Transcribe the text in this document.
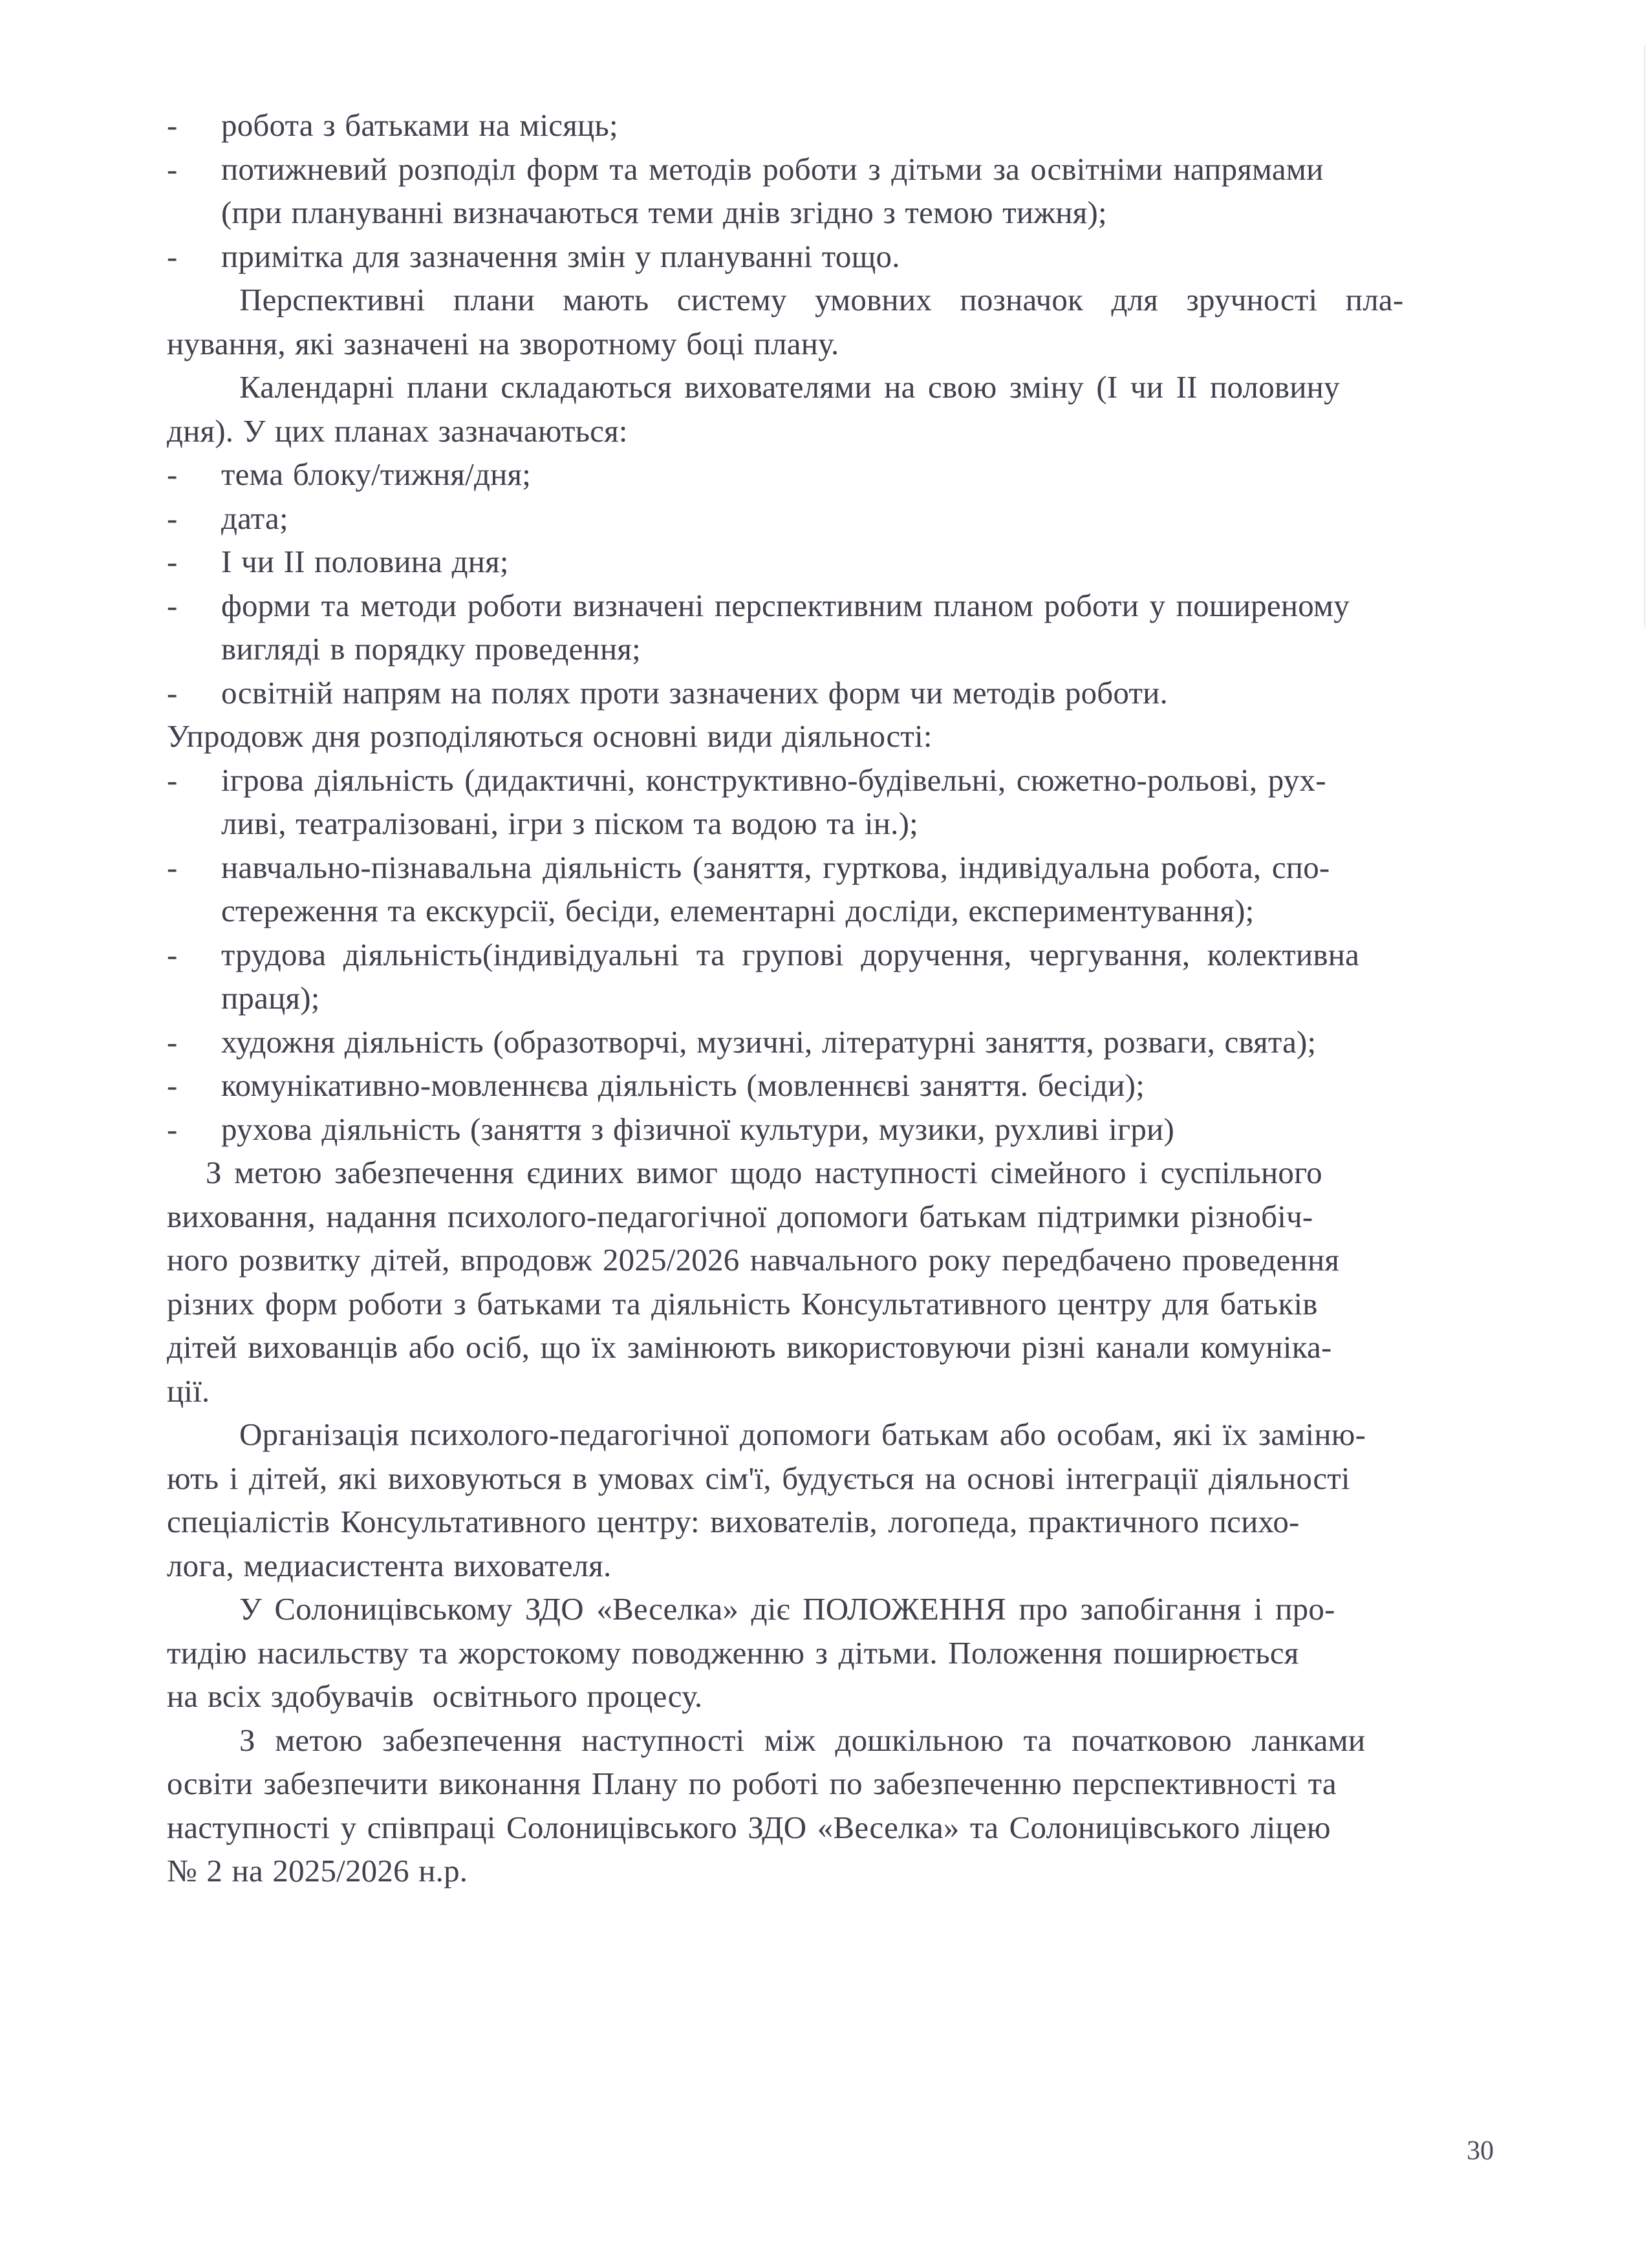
- робота з батьками на місяць;
- потижневий розподіл форм та методів роботи з дітьми за освітніми напрямами
(при плануванні визначаються теми днів згідно з темою тижня);
- примітка для зазначення змін у плануванні тощо.
Перспективні плани мають систему умовних позначок для зручності пла-
нування, які зазначені на зворотному боці плану.
Календарні плани складаються вихователями на свою зміну (І чи ІІ половину
дня). У цих планах зазначаються:
- тема блоку/тижня/дня;
- дата;
- І чи ІІ половина дня;
- форми та методи роботи визначені перспективним планом роботи у поширеному
вигляді в порядку проведення;
- освітній напрям на полях проти зазначених форм чи методів роботи.
Упродовж дня розподіляються основні види діяльності:
- ігрова діяльність (дидактичні, конструктивно-будівельні, сюжетно-рольові, рух-
ливі, театралізовані, ігри з піском та водою та ін.);
- навчально-пізнавальна діяльність (заняття, гурткова, індивідуальна робота, спо-
стереження та екскурсії, бесіди, елементарні досліди, експериментування);
- трудова діяльність(індивідуальні та групові доручення, чергування, колективна
праця);
- художня діяльність (образотворчі, музичні, літературні заняття, розваги, свята);
- комунікативно-мовленнєва діяльність (мовленнєві заняття. бесіди);
- рухова діяльність (заняття з фізичної культури, музики, рухливі ігри)
З метою забезпечення єдиних вимог щодо наступності сімейного і суспільного
виховання, надання психолого-педагогічної допомоги батькам підтримки різнобіч-
ного розвитку дітей, впродовж 2025/2026 навчального року передбачено проведення
різних форм роботи з батьками та діяльність Консультативного центру для батьків
дітей вихованців або осіб, що їх замінюють використовуючи різні канали комуніка-
ції.
Організація психолого-педагогічної допомоги батькам або особам, які їх заміню-
ють і дітей, які виховуються в умовах сім'ї, будується на основі інтеграції діяльності
спеціалістів Консультативного центру: вихователів, логопеда, практичного психо-
лога, медиасистента вихователя.
У Солоницівському ЗДО «Веселка» діє ПОЛОЖЕННЯ про запобігання і про-
тидію насильству та жорстокому поводженню з дітьми. Положення поширюється
на всіх здобувачів  освітнього процесу.
З метою забезпечення наступності між дошкільною та початковою ланками
освіти забезпечити виконання Плану по роботі по забезпеченню перспективності та
наступності у співпраці Солоницівського ЗДО «Веселка» та Солоницівського ліцею
№ 2 на 2025/2026 н.р.
30
